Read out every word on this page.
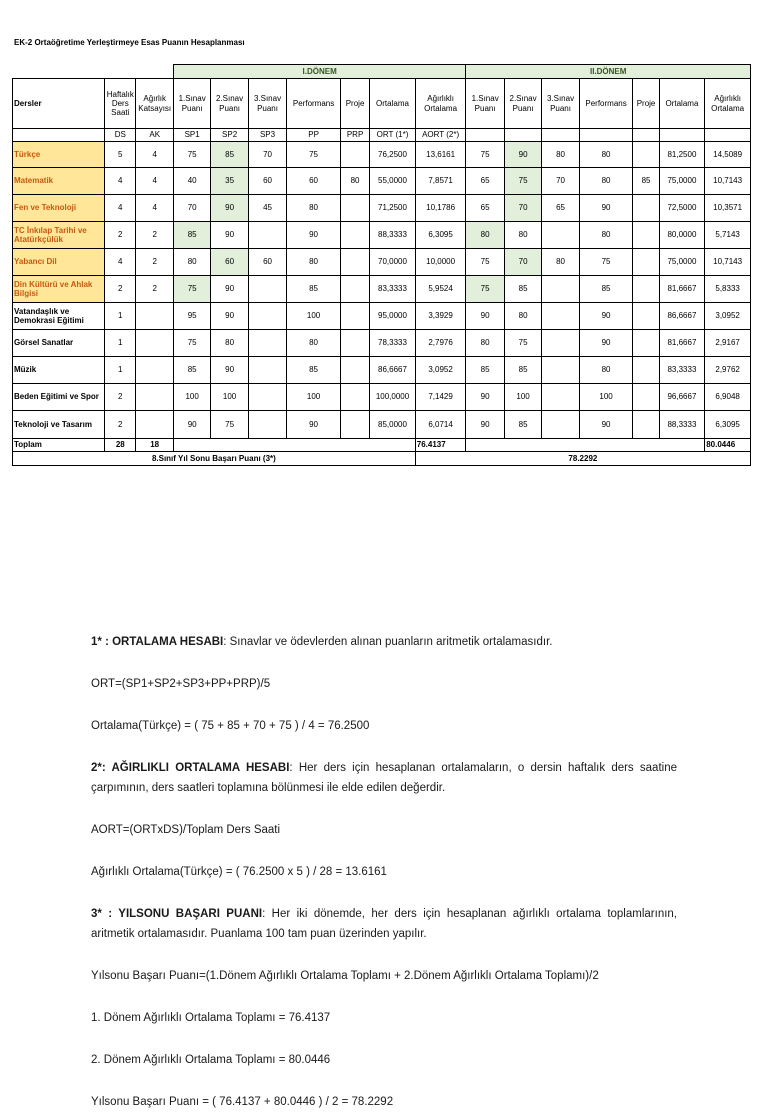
EK-2 Ortaöğretime Yerleştirmeye Esas Puanın Hesaplanması
			I.DÖNEM							II.DÖNEM						
Dersler	Haftalık Ders Saati	Ağırlık Katsayısı	1.Sınav Puanı	2.Sınav Puanı	3.Sınav Puanı	Performans	Proje	Ortalama	Ağırlıklı Ortalama	1.Sınav Puanı	2.Sınav Puanı	3.Sınav Puanı	Performans	Proje	Ortalama	Ağırlıklı Ortalama
	DS	AK	SP1	SP2	SP3	PP	PRP	ORT (1*)	AORT (2*)							
Türkçe	5	4	75	85	70	75		76,2500	13,6161	75	90	80	80		81,2500	14,5089
Matematik	4	4	40	35	60	60	80	55,0000	7,8571	65	75	70	80	85	75,0000	10,7143
Fen ve Teknoloji	4	4	70	90	45	80		71,2500	10,1786	65	70	65	90		72,5000	10,3571
TC İnkılap Tarihi ve Atatürkçülük	2	2	85	90		90		88,3333	6,3095	80	80		80		80,0000	5,7143
Yabancı Dil	4	2	80	60	60	80		70,0000	10,0000	75	70	80	75		75,0000	10,7143
Din Kültürü ve Ahlak Bilgisi	2	2	75	90		85		83,3333	5,9524	75	85		85		81,6667	5,8333
Vatandaşlık ve Demokrasi Eğitimi	1		95	90		100		95,0000	3,3929	90	80		90		86,6667	3,0952
Görsel Sanatlar	1		75	80		80		78,3333	2,7976	80	75		90		81,6667	2,9167
Müzik	1		85	90		85		86,6667	3,0952	85	85		80		83,3333	2,9762
Beden Eğitimi ve Spor	2		100	100		100		100,0000	7,1429	90	100		100		96,6667	6,9048
Teknoloji ve Tasarım	2		90	75		90		85,0000	6,0714	90	85		90		88,3333	6,3095
Toplam	28	18							76.4137							80.0446
8.Sınıf Yıl Sonu Başarı Puanı (3*)									78.2292							

1* : ORTALAMA HESABI: Sınavlar ve ödevlerden alınan puanların aritmetik ortalamasıdır.

ORT=(SP1+SP2+SP3+PP+PRP)/5

Ortalama(Türkçe) = ( 75 + 85 + 70 + 75 ) / 4 = 76.2500

2*: AĞIRLIKLI ORTALAMA HESABI: Her ders için hesaplanan ortalamaların, o dersin haftalık ders saatine çarpımının, ders saatleri toplamına bölünmesi ile elde edilen değerdir.

AORT=(ORTxDS)/Toplam Ders Saati

Ağırlıklı Ortalama(Türkçe) = ( 76.2500 x 5 ) / 28 = 13.6161

3* : YILSONU BAŞARI PUANI: Her iki dönemde, her ders için hesaplanan ağırlıklı ortalama toplamlarının, aritmetik ortalamasıdır. Puanlama 100 tam puan üzerinden yapılır.

Yılsonu Başarı Puanı=(1.Dönem Ağırlıklı Ortalama Toplamı + 2.Dönem Ağırlıklı Ortalama Toplamı)/2

1. Dönem Ağırlıklı Ortalama Toplamı = 76.4137

2. Dönem Ağırlıklı Ortalama Toplamı = 80.0446

Yılsonu Başarı Puanı = ( 76.4137 + 80.0446 ) / 2 = 78.2292
